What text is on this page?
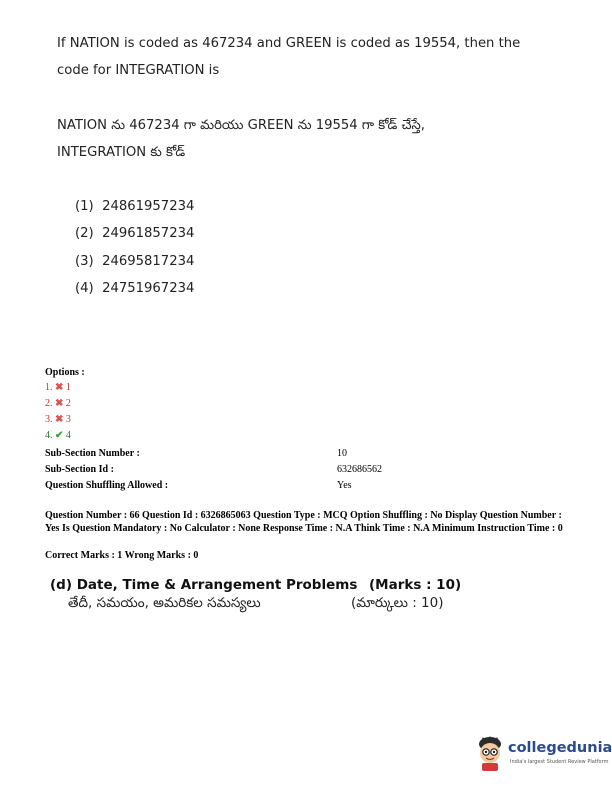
If NATION is coded as 467234 and GREEN is coded as 19554, then the
code for INTEGRATION is
NATION ను 467234 గా మరియు GREEN ను 19554 గా కోడ్ చేస్తే,
INTEGRATION కు కోడ్
(1) 24861957234
(2) 24961857234
(3) 24695817234
(4) 24751967234
Options :
1. ✖ 1
2. ✖ 2
3. ✖ 3
4. ✔ 4
Sub-Section Number :	10
Sub-Section Id :	632686562
Question Shuffling Allowed :	Yes
Question Number : 66 Question Id : 6326865063 Question Type : MCQ Option Shuffling : No Display Question Number : Yes Is Question Mandatory : No Calculator : None Response Time : N.A Think Time : N.A Minimum Instruction Time : 0
Correct Marks : 1 Wrong Marks : 0
(d) Date, Time & Arrangement Problems (Marks : 10)
తేదీ, సమయం, అమరికల సమస్యలు	(మార్కులు : 10)
collegedunia
India's largest Student Review Platform
